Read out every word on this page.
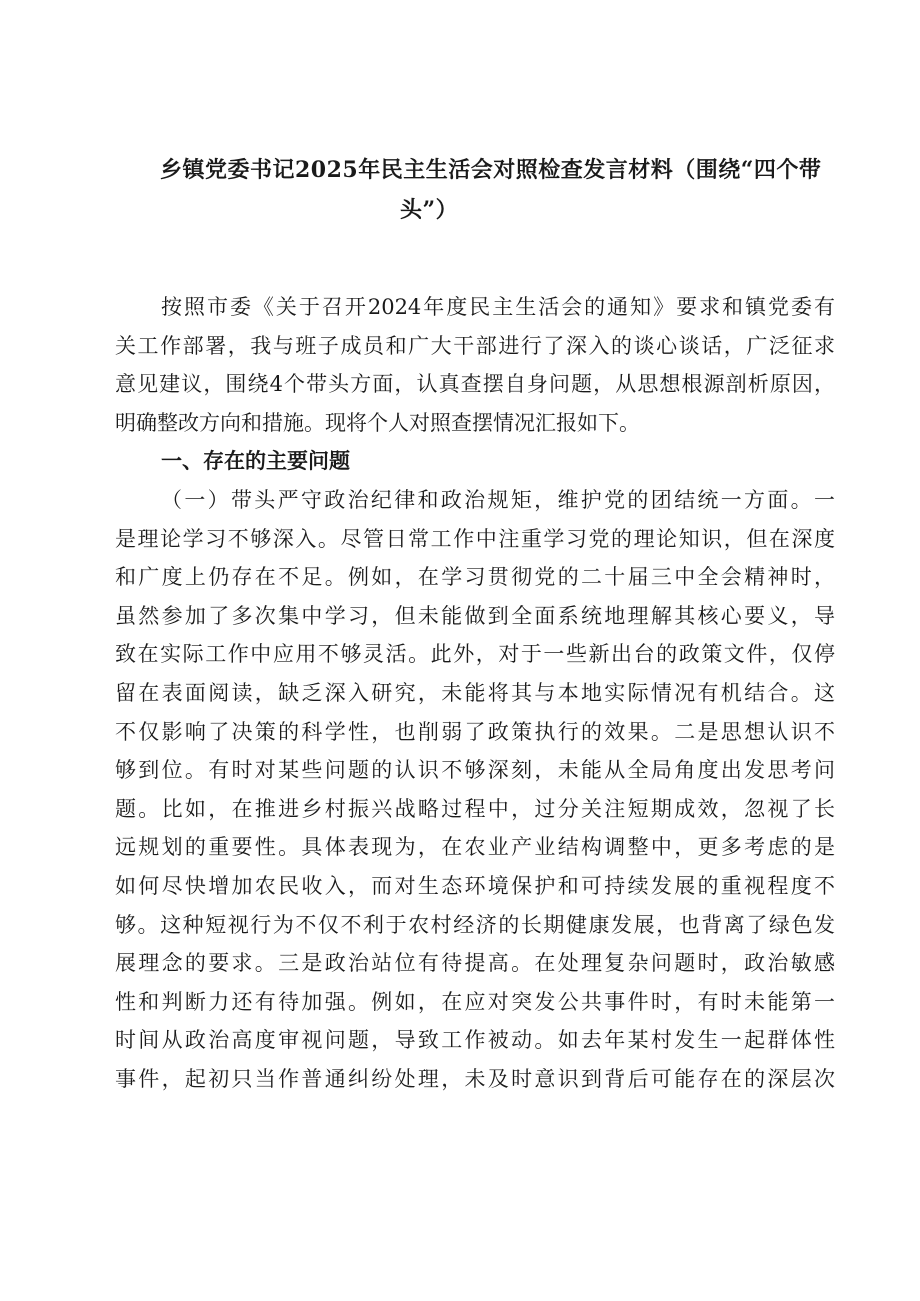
乡镇党委书记2025年民主生活会对照检查发言材料（围绕“四个带
头”）
按照市委《关于召开2024年度民主生活会的通知》要求和镇党委有
关工作部署，我与班子成员和广大干部进行了深入的谈心谈话，广泛征求
意见建议，围绕4个带头方面，认真查摆自身问题，从思想根源剖析原因，
明确整改方向和措施。现将个人对照查摆情况汇报如下。
一、存在的主要问题
（一）带头严守政治纪律和政治规矩，维护党的团结统一方面。一
是理论学习不够深入。尽管日常工作中注重学习党的理论知识，但在深度
和广度上仍存在不足。例如，在学习贯彻党的二十届三中全会精神时，
虽然参加了多次集中学习，但未能做到全面系统地理解其核心要义，导
致在实际工作中应用不够灵活。此外，对于一些新出台的政策文件，仅停
留在表面阅读，缺乏深入研究，未能将其与本地实际情况有机结合。这
不仅影响了决策的科学性，也削弱了政策执行的效果。二是思想认识不
够到位。有时对某些问题的认识不够深刻，未能从全局角度出发思考问
题。比如，在推进乡村振兴战略过程中，过分关注短期成效，忽视了长
远规划的重要性。具体表现为，在农业产业结构调整中，更多考虑的是
如何尽快增加农民收入，而对生态环境保护和可持续发展的重视程度不
够。这种短视行为不仅不利于农村经济的长期健康发展，也背离了绿色发
展理念的要求。三是政治站位有待提高。在处理复杂问题时，政治敏感
性和判断力还有待加强。例如，在应对突发公共事件时，有时未能第一
时间从政治高度审视问题，导致工作被动。如去年某村发生一起群体性
事件，起初只当作普通纠纷处理，未及时意识到背后可能存在的深层次
